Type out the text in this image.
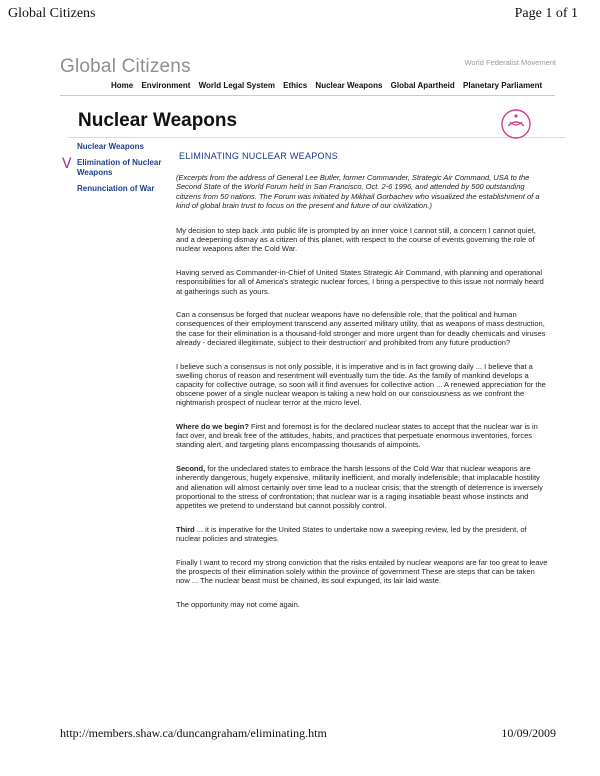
Global Citizens	Page 1 of 1
Global Citizens	World Federalist Movement
Home Environment World Legal System Ethics Nuclear Weapons Global Apartheid Planetary Parliament
Nuclear Weapons
V
Nuclear Weapons
Elimination of Nuclear Weapons
Renunciation of War
ELIMINATING NUCLEAR WEAPONS

(Excerpts from the address of General Lee Butler, former Commander, Strategic Air Command, USA to the Second State of the World Forum held in San Francisco, Oct. 2-6 1996, and attended by 500 outstanding citizens from 50 nations. The Forum was initiated by Mikhail Gorbachev who visualized the establishment of a kind of global brain trust to focus on the present and future of our civilization.)

My decision to step back .into public life is prompted by an inner voice I cannot still, a concern I cannot quiet, and a deepening dismay as a citizen of this planet, with respect to the course of events governing the role of nuclear weapons after the Cold War.

Having served as Commander-in-Chief of United States Strategic Air Command, with planning and operational responsibilities for all of America's strategic nuclear forces, I bring a perspective to this issue not normaly heard at gatherings such as yours.

Can a consensus be forged that nuclear weapons have no defensible role, that the political and human consequences of their employment transcend any asserted military utility, that as weapons of mass destruction, the case for their elimination is a thousand-fold stronger and more urgent than for deadly chemicals and viruses already - deciared illegitimate, subject to their destruction' and prohibited from any future production?

I believe such a consensus is not only possible, it is imperative and is in fact growing daily ... I believe that a swelling chorus of reason and resentment will eventually turn the tide. As the family of mankind develops a capacity for collective outrage, so soon will it find avenues for collective action ... A renewed appreciation for the obscene power of a single nuclear weapon is taking a new hold on our consciousness as we confront the nightmarish prospect of nuclear terror at the micro level.

Where do we begin? First and foremost is for the declared nuclear states to accept that the nuclear war is in fact over, and break free of the attitudes, habits, and practices that perpetuate enormous inventories, forces standing alert, and targeting plans encompassing thousands of aimpoints.

Second, for the undeclared states to embrace the harsh lessons of the Cold War that nuclear weapons are inherently dangerous, hugely expensive, militarily inefficient, and morally indefensible; that implacable hostility and alienation will almost certainly over time lead to a nuclear crisis; that the strength of deterrence is inversely proportional to the stress of confrontation; that nuclear war is a raging insatiable beast whose instincts and appetites we pretend to understand but cannot possibly control.

Third ... it is imperative for the United States to undertake now a sweeping review, led by the president, of nuclear policies and strategies.

Finally I want to record my strong conviction that the risks entailed by nuclear weapons are far too great to leave the prospects of their elimination solely within the province of government These are steps that can be taken now ... The nuclear beast must be chained, its soul expunged, its lair laid waste.

The opportunity may not come again.

http://members.shaw.ca/duncangraham/eliminating.htm	10/09/2009
